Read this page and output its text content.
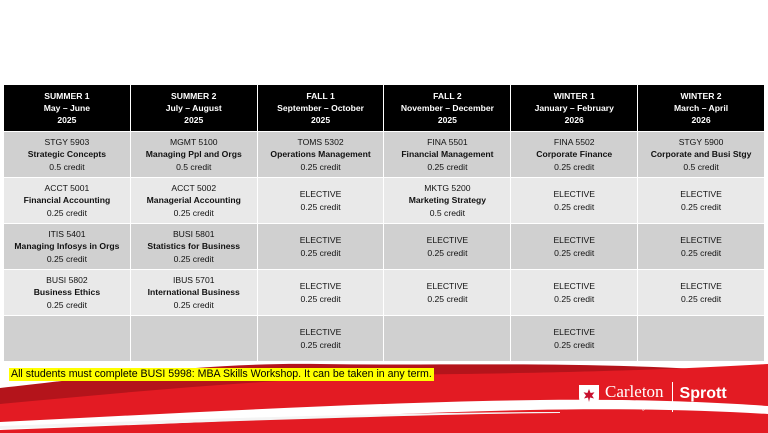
SUMMER 1
May – June
2025	SUMMER 2
July – August
2025	FALL 1
September – October
2025	FALL 2
November – December
2025	WINTER 1
January – February
2026	WINTER 2
March – April
2026

STGY 5903
Strategic Concepts
0.5 credit	MGMT 5100
Managing Ppl and Orgs
0.5 credit	TOMS 5302
Operations Management
0.25 credit	FINA 5501
Financial Management
0.25 credit	FINA 5502
Corporate Finance
0.25 credit	STGY 5900
Corporate and Busi Stgy
0.5 credit

ACCT 5001
Financial Accounting
0.25 credit	ACCT 5002
Managerial Accounting
0.25 credit	ELECTIVE
0.25 credit	MKTG 5200
Marketing Strategy
0.5 credit	ELECTIVE
0.25 credit	ELECTIVE
0.25 credit

ITIS 5401
Managing Infosys in Orgs
0.25 credit	BUSI 5801
Statistics for Business
0.25 credit	ELECTIVE
0.25 credit	ELECTIVE
0.25 credit	ELECTIVE
0.25 credit	ELECTIVE
0.25 credit

BUSI 5802
Business Ethics
0.25 credit	IBUS 5701
International Business
0.25 credit	ELECTIVE
0.25 credit	ELECTIVE
0.25 credit	ELECTIVE
0.25 credit	ELECTIVE
0.25 credit

		ELECTIVE
0.25 credit		ELECTIVE
0.25 credit	

All students must complete BUSI 5998: MBA Skills Workshop. It can be taken in any term.
Carleton
University
Sprott
School of Business
